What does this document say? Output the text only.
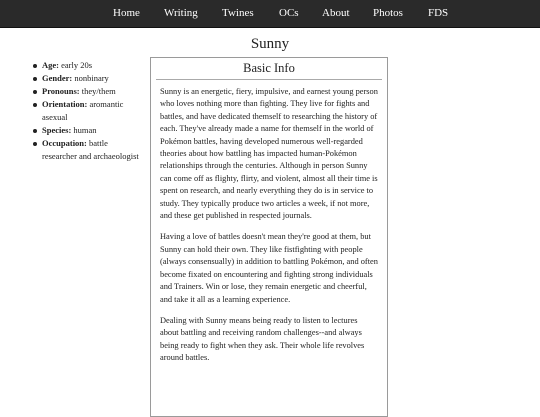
Home Writing Twines OCs About Photos FDS
Sunny
Age: early 20s
Gender: nonbinary
Pronouns: they/them
Orientation: aromantic asexual
Species: human
Occupation: battle researcher and archaeologist
Basic Info

Sunny is an energetic, fiery, impulsive, and earnest young person who loves nothing more than fighting. They live for fights and battles, and have dedicated themself to researching the history of each. They've already made a name for themself in the world of Pokémon battles, having developed numerous well-regarded theories about how battling has impacted human-Pokémon relationships through the centuries. Although in person Sunny can come off as flighty, flirty, and violent, almost all their time is spent on research, and nearly everything they do is in service to study. They typically produce two articles a week, if not more, and these get published in respected journals.

Having a love of battles doesn't mean they're good at them, but Sunny can hold their own. They like fistfighting with people (always consensually) in addition to battling Pokémon, and often become fixated on encountering and fighting strong individuals and Trainers. Win or lose, they remain energetic and cheerful, and take it all as a learning experience.

Dealing with Sunny means being ready to listen to lectures about battling and receiving random challenges--and always being ready to fight when they ask. Their whole life revolves around battles.
